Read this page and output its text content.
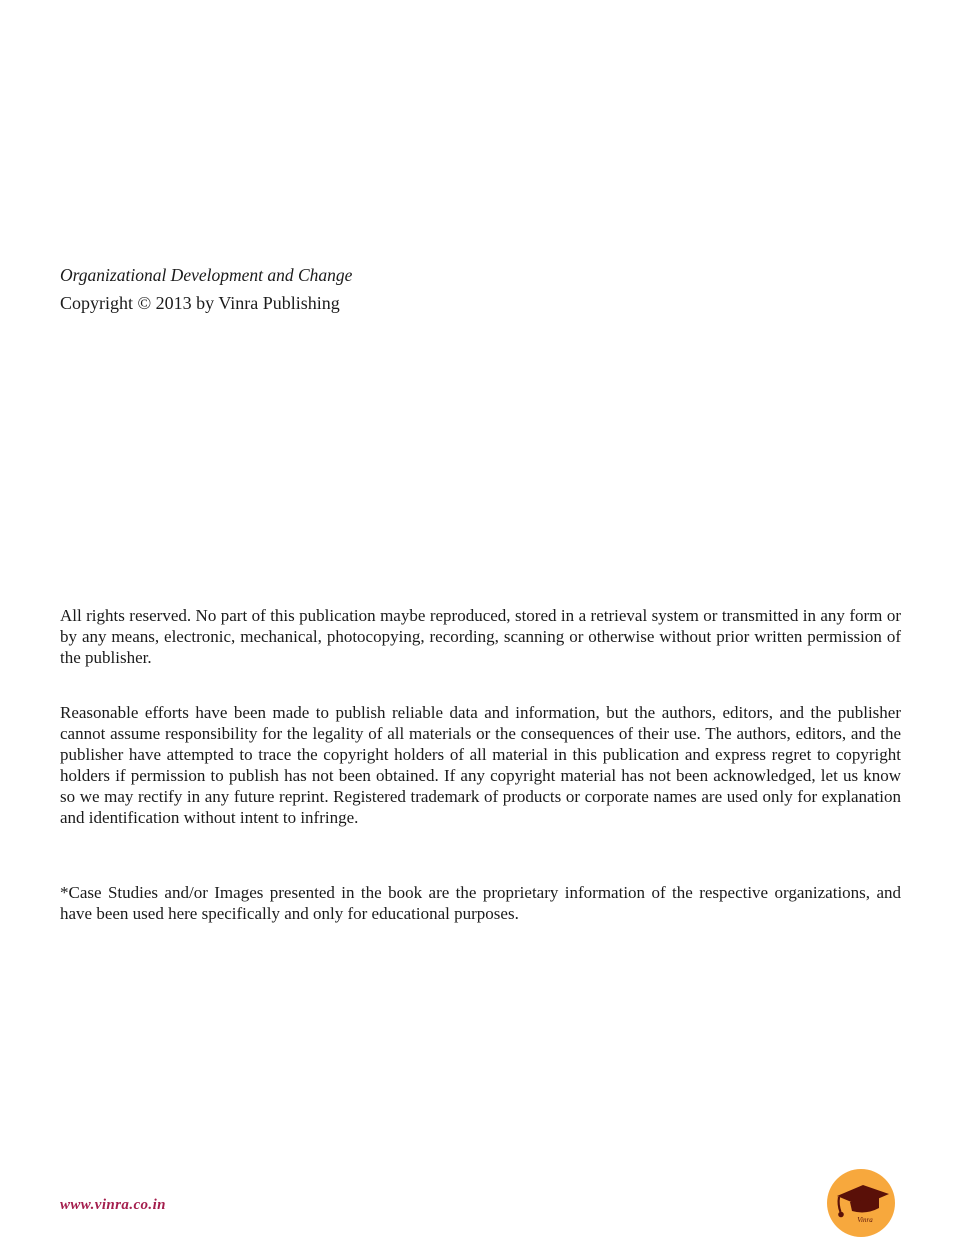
Organizational Development and Change
Copyright © 2013 by Vinra Publishing

All rights reserved. No part of this publication maybe reproduced, stored in a retrieval system or transmitted in any form or by any means, electronic, mechanical, photocopying, recording, scanning or otherwise without prior written permission of the publisher.

Reasonable efforts have been made to publish reliable data and information, but the authors, editors, and the publisher cannot assume responsibility for the legality of all materials or the consequences of their use. The authors, editors, and the publisher have attempted to trace the copyright holders of all material in this publication and express regret to copyright holders if permission to publish has not been obtained. If any copyright material has not been acknowledged, let us know so we may rectify in any future reprint. Registered trademark of products or corporate names are used only for explanation and identification without intent to infringe.

*Case Studies and/or Images presented in the book are the proprietary information of the respective organizations, and have been used here specifically and only for educational purposes.

www.vinra.co.in
Vinra
